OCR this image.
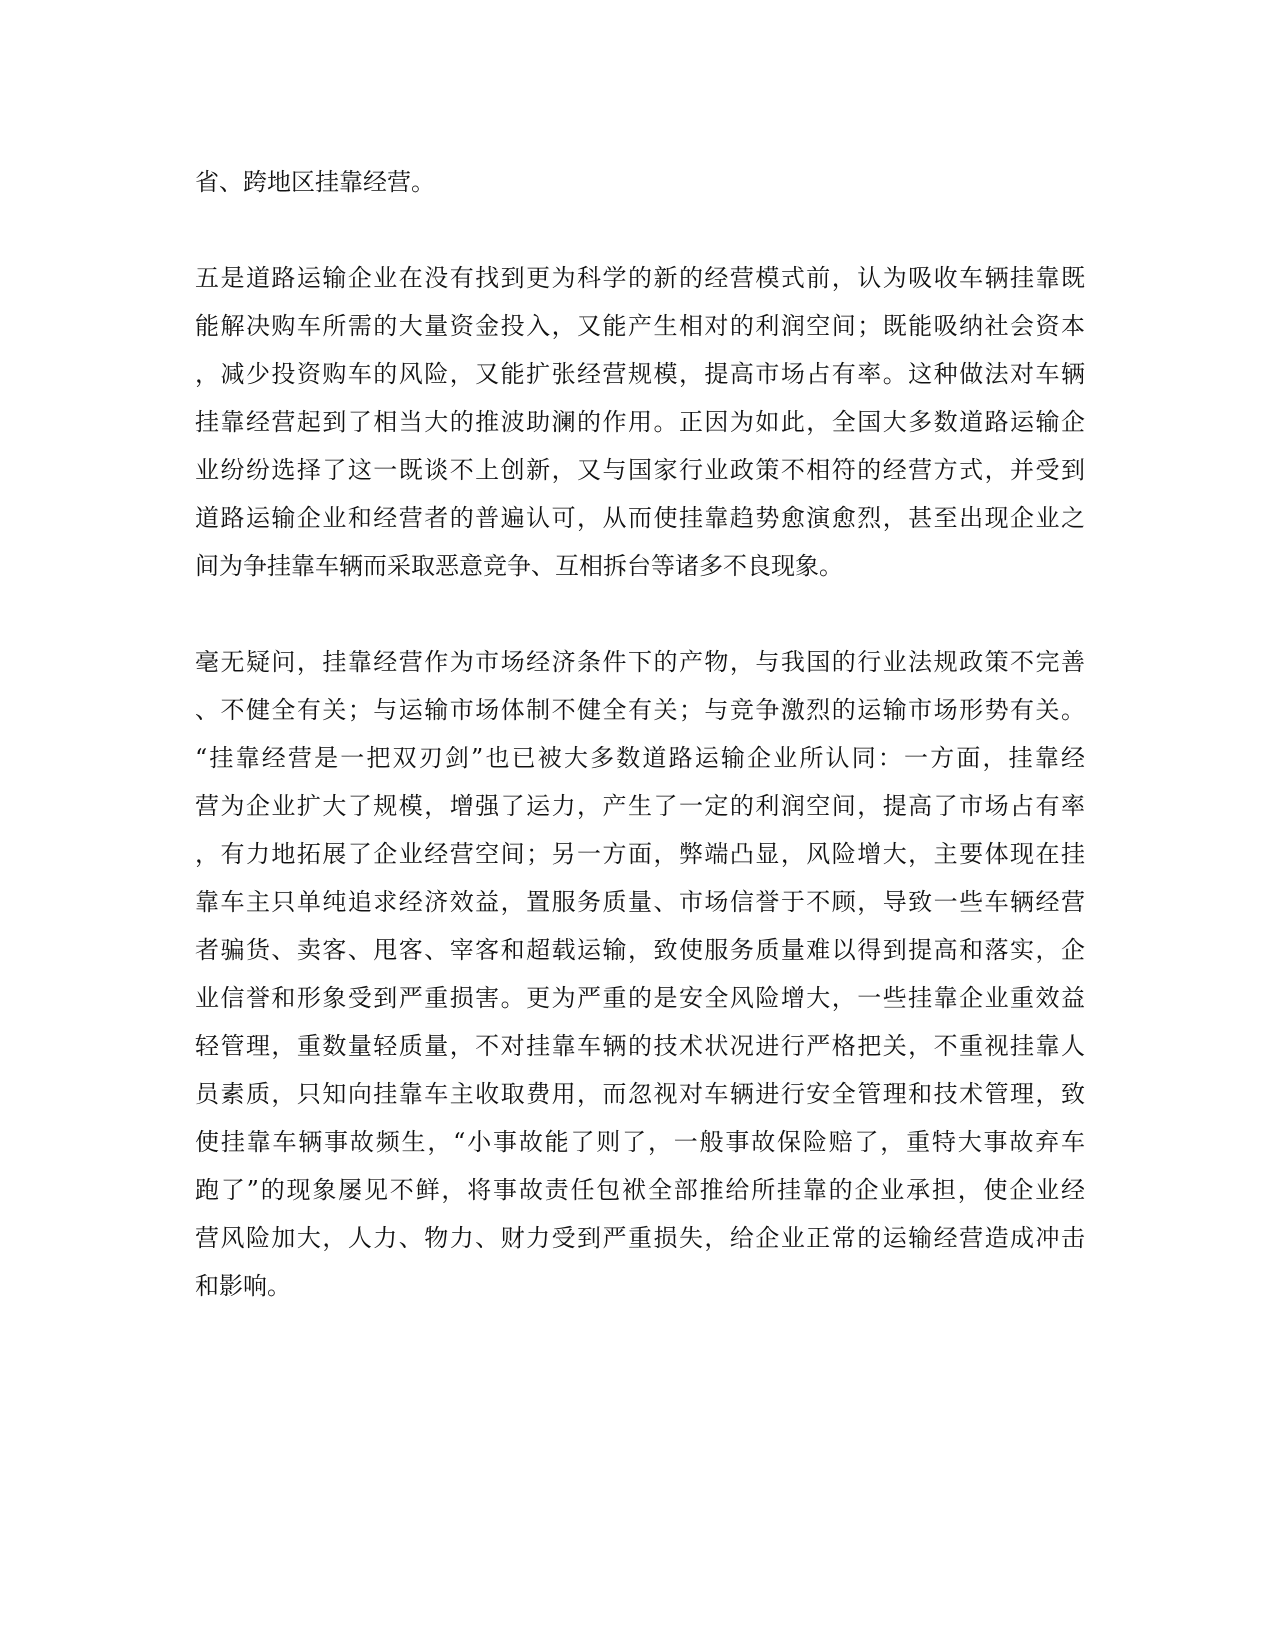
省、跨地区挂靠经营。
五是道路运输企业在没有找到更为科学的新的经营模式前，认为吸收车辆挂靠既
能解决购车所需的大量资金投入，又能产生相对的利润空间；既能吸纳社会资本
，减少投资购车的风险，又能扩张经营规模，提高市场占有率。这种做法对车辆
挂靠经营起到了相当大的推波助澜的作用。正因为如此，全国大多数道路运输企
业纷纷选择了这一既谈不上创新，又与国家行业政策不相符的经营方式，并受到
道路运输企业和经营者的普遍认可，从而使挂靠趋势愈演愈烈，甚至出现企业之
间为争挂靠车辆而采取恶意竞争、互相拆台等诸多不良现象。
毫无疑问，挂靠经营作为市场经济条件下的产物，与我国的行业法规政策不完善
、不健全有关；与运输市场体制不健全有关；与竞争激烈的运输市场形势有关。
“挂靠经营是一把双刃剑”也已被大多数道路运输企业所认同：一方面，挂靠经
营为企业扩大了规模，增强了运力，产生了一定的利润空间，提高了市场占有率
，有力地拓展了企业经营空间；另一方面，弊端凸显，风险增大，主要体现在挂
靠车主只单纯追求经济效益，置服务质量、市场信誉于不顾，导致一些车辆经营
者骗货、卖客、甩客、宰客和超载运输，致使服务质量难以得到提高和落实，企
业信誉和形象受到严重损害。更为严重的是安全风险增大，一些挂靠企业重效益
轻管理，重数量轻质量，不对挂靠车辆的技术状况进行严格把关，不重视挂靠人
员素质，只知向挂靠车主收取费用，而忽视对车辆进行安全管理和技术管理，致
使挂靠车辆事故频生，“小事故能了则了，一般事故保险赔了，重特大事故弃车
跑了”的现象屡见不鲜，将事故责任包袱全部推给所挂靠的企业承担，使企业经
营风险加大，人力、物力、财力受到严重损失，给企业正常的运输经营造成冲击
和影响。
